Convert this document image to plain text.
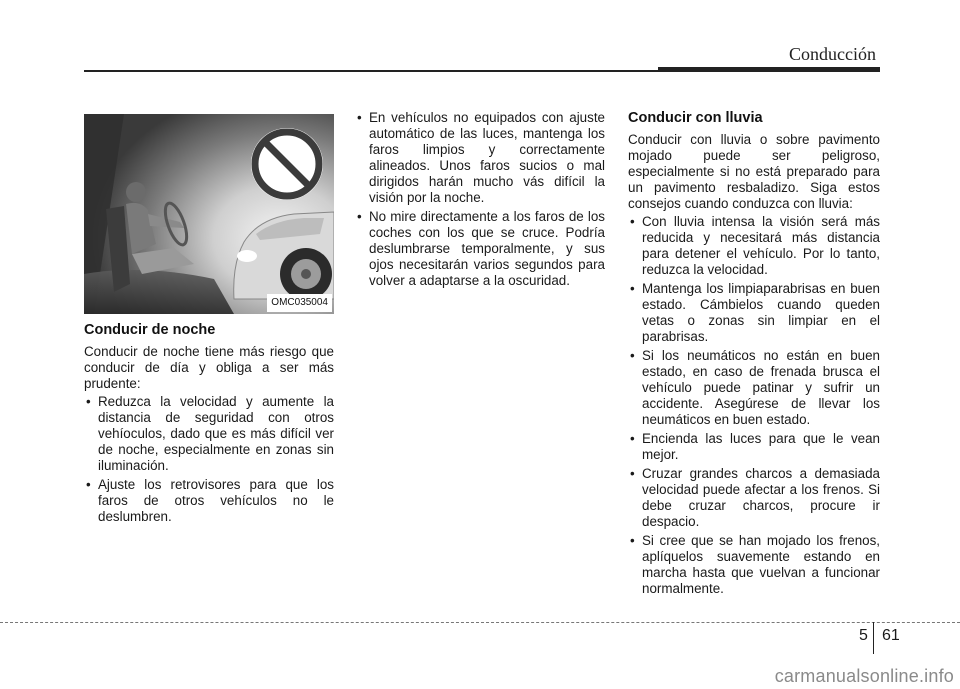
Conducción
OMC035004
Conducir de noche

Conducir de noche tiene más riesgo que conducir de día y obliga a ser más prudente:

• Reduzca la velocidad y aumente la distancia de seguridad con otros vehíoculos, dado que es más difícil ver de noche, especialmente en zonas sin iluminación.
• Ajuste los retrovisores para que los faros de otros vehículos no le deslumbren.
• En vehículos no equipados con ajuste automático de las luces, mantenga los faros limpios y correctamente alineados. Unos faros sucios o mal dirigidos harán mucho vás difícil la visión por la noche.
• No mire directamente a los faros de los coches con los que se cruce. Podría deslumbrarse temporalmente, y sus ojos necesitarán varios segundos para volver a adaptarse a la oscuridad.
Conducir con lluvia

Conducir con lluvia o sobre pavimento mojado puede ser peligroso, especialmente si no está preparado para un pavimento resbaladizo. Siga estos consejos cuando conduzca con lluvia:

• Con lluvia intensa la visión será más reducida y necesitará más distancia para detener el vehículo. Por lo tanto, reduzca la velocidad.
• Mantenga los limpiaparabrisas en buen estado. Cámbielos cuando queden vetas o zonas sin limpiar en el parabrisas.
• Si los neumáticos no están en buen estado, en caso de frenada brusca el vehículo puede patinar y sufrir un accidente. Asegúrese de llevar los neumáticos en buen estado.
• Encienda las luces para que le vean mejor.
• Cruzar grandes charcos a demasiada velocidad puede afectar a los frenos. Si debe cruzar charcos, procure ir despacio.
• Si cree que se han mojado los frenos, aplíquelos suavemente estando en marcha hasta que vuelvan a funcionar normalmente.
5 61
carmanualsonline.info
